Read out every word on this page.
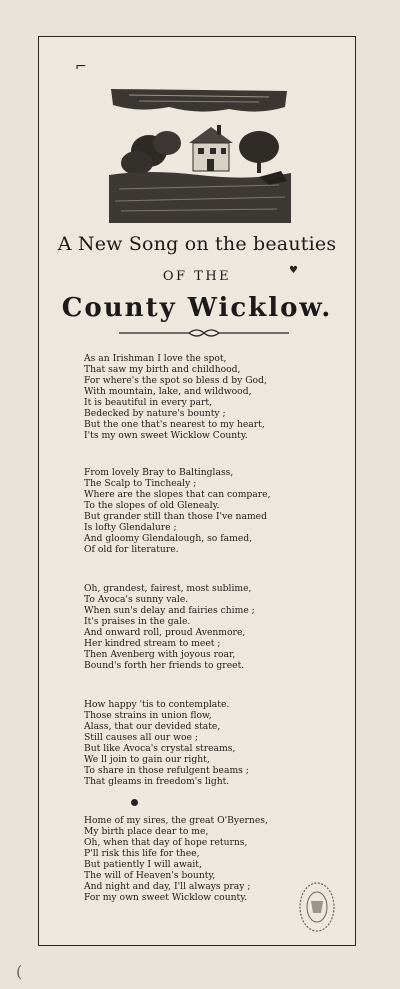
⌐
A New Song on the beauties
OF THE	♥
County Wicklow.
As an Irishman I love the spot,
That saw my birth and childhood,
For where's the spot so bless d by God,
With mountain, lake, and wildwood,
It is beautiful in every part,
Bedecked by nature's bounty ;
But the one that's nearest to my heart,
I'ts my own sweet Wicklow County.
From lovely Bray to Baltinglass,
The Scalp to Tinchealy ;
Where are the slopes that can compare,
To the slopes of old Glenealy.
But grander still than those I've named
Is lofty Glendalure ;
And gloomy Glendalough, so famed,
Of old for literature.
Oh, grandest, fairest, most sublime,
To Avoca's sunny vale.
When sun's delay and fairies chime ;
It's praises in the gale.
And onward roll, proud Avenmore,
Her kindred stream to meet ;
Then Avenberg with joyous roar,
Bound's forth her friends to greet.
How happy 'tis to contemplate.
Those strains in union flow,
Alass, that our devided state,
Still causes all our woe ;
But like Avoca's crystal streams,
We ll join to gain our right,
To share in those refulgent beams ;
That gleams in freedom's light.
Home of my sires, the great O'Byernes,
My birth place dear to me,
Oh, when that day of hope returns,
P'll risk this life for thee,
But patiently I will await,
The will of Heaven's bounty,
And night and day, I'll always pray ;
For my own sweet Wicklow county.
(
